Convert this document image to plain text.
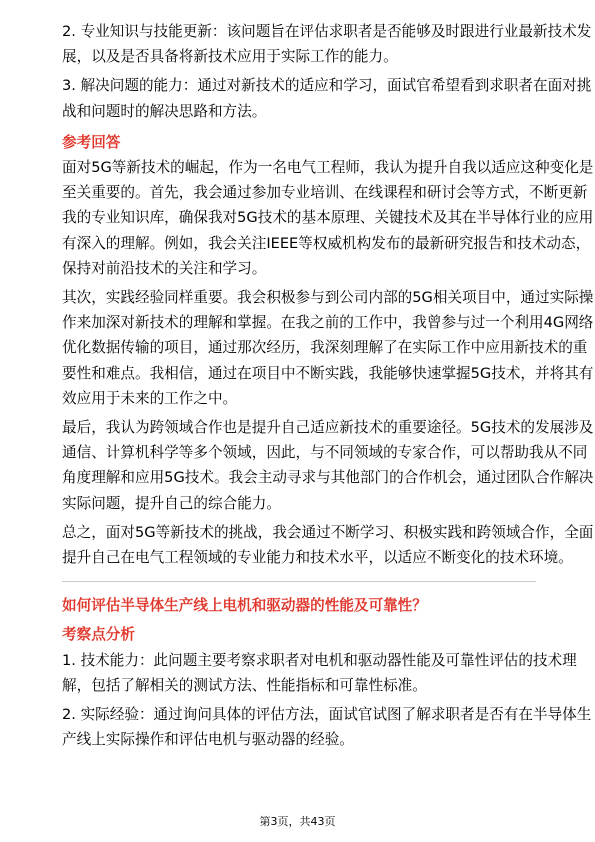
2. 专业知识与技能更新：该问题旨在评估求职者是否能够及时跟进行业最新技术发
展，以及是否具备将新技术应用于实际工作的能力。

3. 解决问题的能力：通过对新技术的适应和学习，面试官希望看到求职者在面对挑
战和问题时的解决思路和方法。

参考回答

面对5G等新技术的崛起，作为一名电气工程师，我认为提升自我以适应这种变化是
至关重要的。首先，我会通过参加专业培训、在线课程和研讨会等方式，不断更新
我的专业知识库，确保我对5G技术的基本原理、关键技术及其在半导体行业的应用
有深入的理解。例如，我会关注IEEE等权威机构发布的最新研究报告和技术动态，
保持对前沿技术的关注和学习。

其次，实践经验同样重要。我会积极参与到公司内部的5G相关项目中，通过实际操
作来加深对新技术的理解和掌握。在我之前的工作中，我曾参与过一个利用4G网络
优化数据传输的项目，通过那次经历，我深刻理解了在实际工作中应用新技术的重
要性和难点。我相信，通过在项目中不断实践，我能够快速掌握5G技术，并将其有
效应用于未来的工作之中。

最后，我认为跨领域合作也是提升自己适应新技术的重要途径。5G技术的发展涉及
通信、计算机科学等多个领域，因此，与不同领域的专家合作，可以帮助我从不同
角度理解和应用5G技术。我会主动寻求与其他部门的合作机会，通过团队合作解决
实际问题，提升自己的综合能力。

总之，面对5G等新技术的挑战，我会通过不断学习、积极实践和跨领域合作，全面
提升自己在电气工程领域的专业能力和技术水平，以适应不断变化的技术环境。

如何评估半导体生产线上电机和驱动器的性能及可靠性？

考察点分析

1. 技术能力：此问题主要考察求职者对电机和驱动器性能及可靠性评估的技术理
解，包括了解相关的测试方法、性能指标和可靠性标准。

2. 实际经验：通过询问具体的评估方法，面试官试图了解求职者是否有在半导体生
产线上实际操作和评估电机与驱动器的经验。

第3页，共43页
